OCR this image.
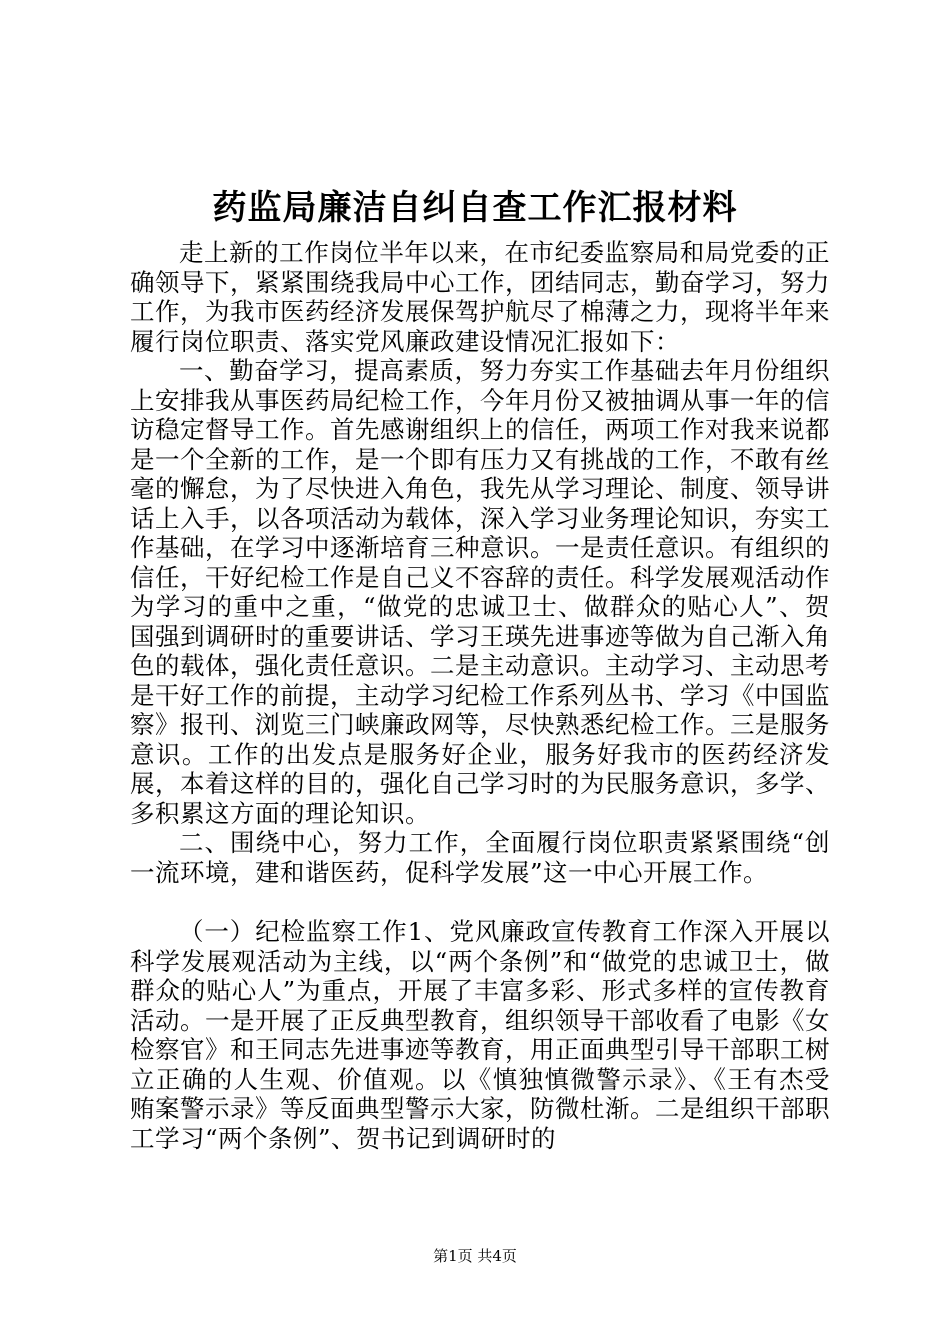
药监局廉洁自纠自查工作汇报材料

走上新的工作岗位半年以来，在市纪委监察局和局党委的正确领导下，紧紧围绕我局中心工作，团结同志，勤奋学习，努力工作，为我市医药经济发展保驾护航尽了棉薄之力，现将半年来履行岗位职责、落实党风廉政建设情况汇报如下：

一、勤奋学习，提高素质，努力夯实工作基础去年月份组织上安排我从事医药局纪检工作，今年月份又被抽调从事一年的信访稳定督导工作。首先感谢组织上的信任，两项工作对我来说都是一个全新的工作，是一个即有压力又有挑战的工作，不敢有丝毫的懈怠，为了尽快进入角色，我先从学习理论、制度、领导讲话上入手，以各项活动为载体，深入学习业务理论知识，夯实工作基础，在学习中逐渐培育三种意识。一是责任意识。有组织的信任，干好纪检工作是自己义不容辞的责任。科学发展观活动作为学习的重中之重，“做党的忠诚卫士、做群众的贴心人”、贺国强到调研时的重要讲话、学习王瑛先进事迹等做为自己渐入角色的载体，强化责任意识。二是主动意识。主动学习、主动思考是干好工作的前提，主动学习纪检工作系列丛书、学习《中国监察》报刊、浏览三门峡廉政网等，尽快熟悉纪检工作。三是服务意识。工作的出发点是服务好企业，服务好我市的医药经济发展，本着这样的目的，强化自己学习时的为民服务意识，多学、多积累这方面的理论知识。

二、围绕中心，努力工作，全面履行岗位职责紧紧围绕“创一流环境，建和谐医药，促科学发展”这一中心开展工作。

（一）纪检监察工作1、党风廉政宣传教育工作深入开展以科学发展观活动为主线，以“两个条例”和“做党的忠诚卫士，做群众的贴心人”为重点，开展了丰富多彩、形式多样的宣传教育活动。一是开展了正反典型教育，组织领导干部收看了电影《女检察官》和王同志先进事迹等教育，用正面典型引导干部职工树立正确的人生观、价值观。以《慎独慎微警示录》、《王有杰受贿案警示录》等反面典型警示大家，防微杜渐。二是组织干部职工学习“两个条例”、贺书记到调研时的

第1页 共4页
